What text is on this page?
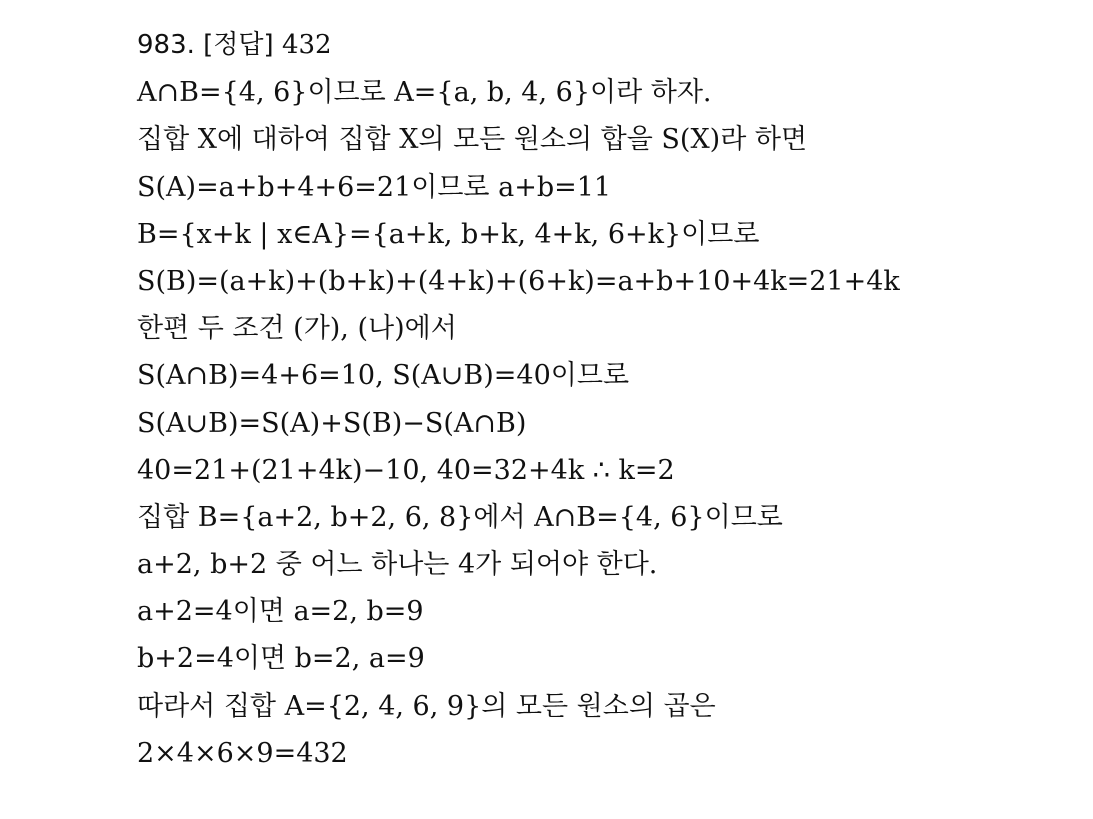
983. [정답] 432
A∩B={4, 6}이므로 A={a, b, 4, 6}이라 하자.
집합 X에 대하여 집합 X의 모든 원소의 합을 S(X)라 하면
S(A)=a+b+4+6=21이므로 a+b=11
B={x+k | x∈A}={a+k, b+k, 4+k, 6+k}이므로
S(B)=(a+k)+(b+k)+(4+k)+(6+k)=a+b+10+4k=21+4k
한편 두 조건 (가), (나)에서
S(A∩B)=4+6=10, S(A∪B)=40이므로
S(A∪B)=S(A)+S(B)−S(A∩B)
40=21+(21+4k)−10, 40=32+4k ∴ k=2
집합 B={a+2, b+2, 6, 8}에서 A∩B={4, 6}이므로
a+2, b+2 중 어느 하나는 4가 되어야 한다.
a+2=4이면 a=2, b=9
b+2=4이면 b=2, a=9
따라서 집합 A={2, 4, 6, 9}의 모든 원소의 곱은
2×4×6×9=432
